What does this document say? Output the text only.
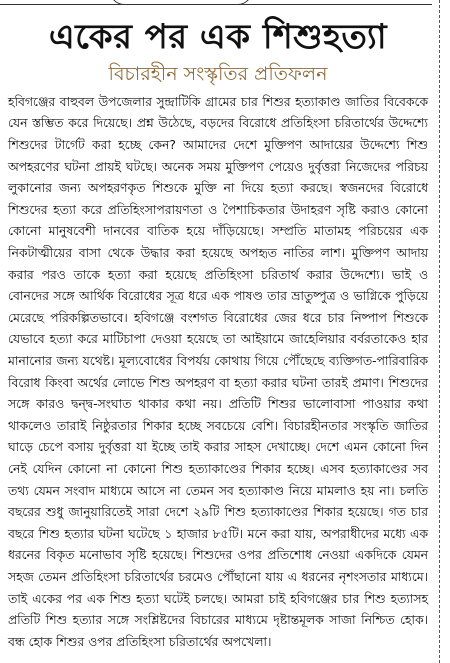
একের পর এক শিশুহত্যা
বিচারহীন সংস্কৃতির প্রতিফলন

হবিগঞ্জের বাহুবল উপজেলার সুন্দ্রাটিকি গ্রামের চার শিশুর হত্যাকাণ্ড জাতির বিবেককে যেন স্তম্ভিত করে দিয়েছে। প্রশ্ন উঠেছে, বড়দের বিরোধে প্রতিহিংসা চরিতার্থের উদ্দেশ্যে শিশুদের টার্গেট করা হচ্ছে কেন? আমাদের দেশে মুক্তিপণ আদায়ের উদ্দেশ্যে শিশু অপহরণের ঘটনা প্রায়ই ঘটছে। অনেক সময় মুক্তিপণ পেয়েও দুর্বৃত্তরা নিজেদের পরিচয় লুকানোর জন্য অপহরণকৃত শিশুকে মুক্তি না দিয়ে হত্যা করছে। স্বজনদের বিরোধে শিশুদের হত্যা করে প্রতিহিংসাপরায়ণতা ও পৈশাচিকতার উদাহরণ সৃষ্টি করাও কোনো কোনো মানুষবেশী দানবের বাতিক হয়ে দাঁড়িয়েছে। সম্প্রতি মাতামহ পরিচয়ের এক নিকটাত্মীয়ের বাসা থেকে উদ্ধার করা হয়েছে অপহৃত নাতির লাশ। মুক্তিপণ আদায় করার পরও তাকে হত্যা করা হয়েছে প্রতিহিংসা চরিতার্থ করার উদ্দেশ্যে। ভাই ও বোনদের সঙ্গে আর্থিক বিরোধের সূত্র ধরে এক পাষণ্ড তার ভ্রাতুষ্পুত্র ও ভাগ্নিকে পুড়িয়ে মেরেছে পরিকল্পিতভাবে। হবিগঞ্জে বংশগত বিরোধের জের ধরে চার নিষ্পাপ শিশুকে যেভাবে হত্যা করে মাটিচাপা দেওয়া হয়েছে তা আইয়ামে জাহেলিয়ার বর্বরতাকেও হার মানানোর জন্য যথেষ্ট। মূল্যবোধের বিপর্যয় কোথায় গিয়ে পৌঁছেছে ব্যক্তিগত-পারিবারিক বিরোধ কিংবা অর্থের লোভে শিশু অপহরণ বা হত্যা করার ঘটনা তারই প্রমাণ। শিশুদের সঙ্গে কারও দ্বন্দ্ব-সংঘাত থাকার কথা নয়। প্রতিটি শিশুর ভালোবাসা পাওয়ার কথা থাকলেও তারাই নিষ্ঠুরতার শিকার হচ্ছে সবচেয়ে বেশি। বিচারহীনতার সংস্কৃতি জাতির ঘাড়ে চেপে বসায় দুর্বৃত্তরা যা ইচ্ছে তাই করার সাহস দেখাচ্ছে। দেশে এমন কোনো দিন নেই যেদিন কোনো না কোনো শিশু হত্যাকাণ্ডের শিকার হচ্ছে। এসব হত্যাকাণ্ডের সব তথ্য যেমন সংবাদ মাধ্যমে আসে না তেমন সব হত্যাকাণ্ড নিয়ে মামলাও হয় না। চলতি বছরের শুধু জানুয়ারিতেই সারা দেশে ২৯টি শিশু হত্যাকাণ্ডের শিকার হয়েছে। গত চার বছরে শিশু হত্যার ঘটনা ঘটেছে ১ হাজার ৮৫টি। মনে করা যায়, অপরাধীদের মধ্যে এক ধরনের বিকৃত মনোভাব সৃষ্টি হয়েছে। শিশুদের ওপর প্রতিশোধ নেওয়া একদিকে যেমন সহজ তেমন প্রতিহিংসা চরিতার্থের চরমেও পৌঁছানো যায় এ ধরনের নৃশংসতার মাধ্যমে। তাই একের পর এক শিশু হত্যা ঘটেই চলছে। আমরা চাই হবিগঞ্জের চার শিশু হত্যাসহ প্রতিটি শিশু হত্যার সঙ্গে সংশ্লিষ্টদের বিচারের মাধ্যমে দৃষ্টান্তমূলক সাজা নিশ্চিত হোক। বন্ধ হোক শিশুর ওপর প্রতিহিংসা চরিতার্থের অপখেলা।
